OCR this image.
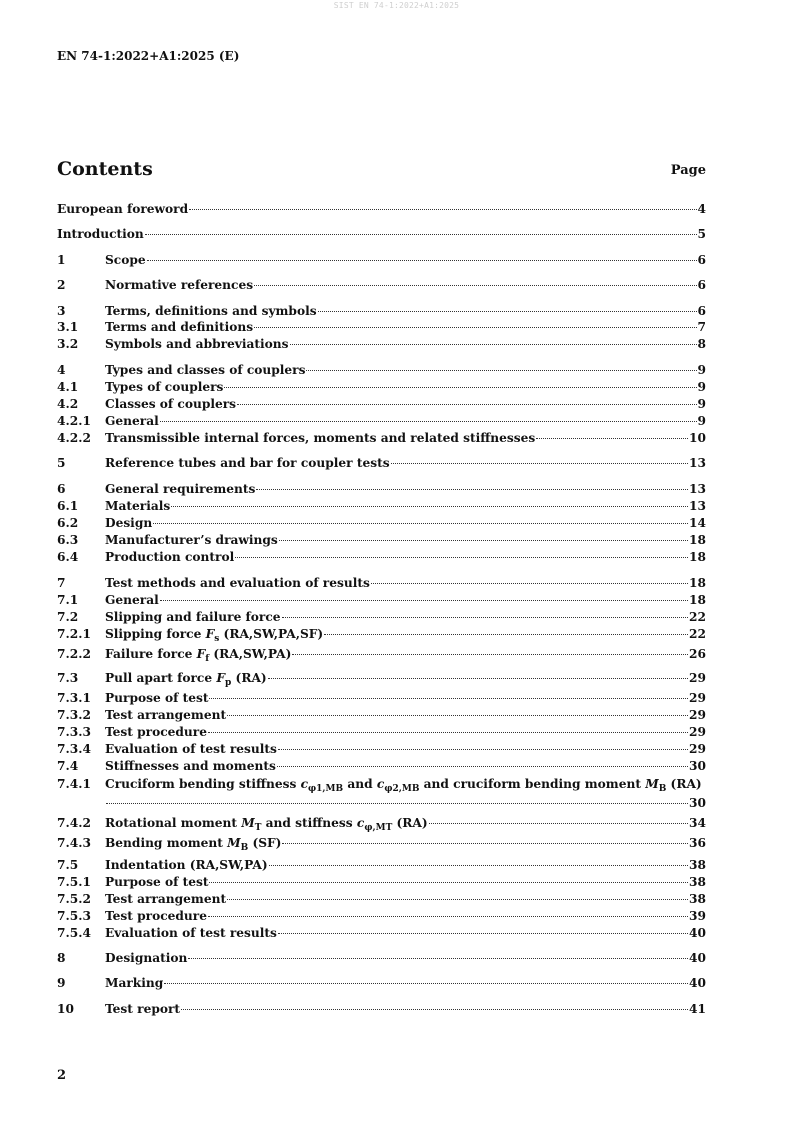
SIST EN 74-1:2022+A1:2025
EN 74-1:2022+A1:2025 (E)
Contents	Page
European foreword	4
Introduction	5
1	Scope	6
2	Normative references	6
3	Terms, definitions and symbols	6
3.1	Terms and definitions	7
3.2	Symbols and abbreviations	8
4	Types and classes of couplers	9
4.1	Types of couplers	9
4.2	Classes of couplers	9
4.2.1	General	9
4.2.2	Transmissible internal forces, moments and related stiffnesses	10
5	Reference tubes and bar for coupler tests	13
6	General requirements	13
6.1	Materials	13
6.2	Design	14
6.3	Manufacturer’s drawings	18
6.4	Production control	18
7	Test methods and evaluation of results	18
7.1	General	18
7.2	Slipping and failure force	22
7.2.1	Slipping force $F_s$ (RA,SW,PA,SF)	22
7.2.2	Failure force $F_f$ (RA,SW,PA)	26
7.3	Pull apart force $F_p$ (RA)	29
7.3.1	Purpose of test	29
7.3.2	Test arrangement	29
7.3.3	Test procedure	29
7.3.4	Evaluation of test results	29
7.4	Stiffnesses and moments	30
7.4.1	Cruciform bending stiffness $c_{\varphi 1,MB}$ and $c_{\varphi 2,MB}$ and cruciform bending moment $M_B$ (RA)
30
7.4.2	Rotational moment $M_T$ and stiffness $c_{\varphi,MT}$ (RA)	34
7.4.3	Bending moment $M_B$ (SF)	36
7.5	Indentation (RA,SW,PA)	38
7.5.1	Purpose of test	38
7.5.2	Test arrangement	38
7.5.3	Test procedure	39
7.5.4	Evaluation of test results	40
8	Designation	40
9	Marking	40
10	Test report	41
2
